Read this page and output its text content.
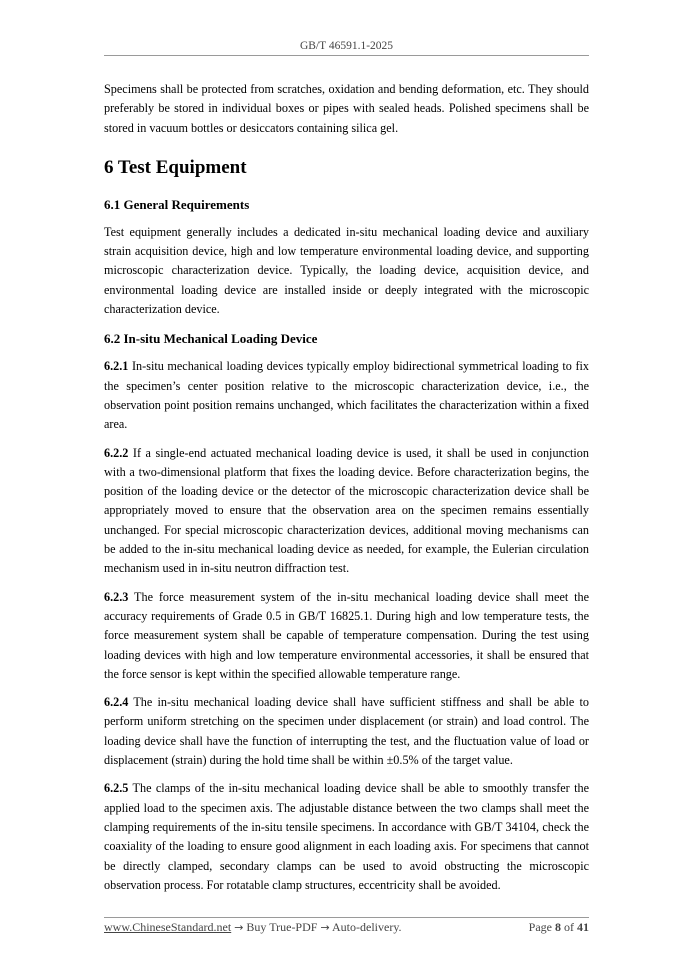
GB/T 46591.1-2025

Specimens shall be protected from scratches, oxidation and bending deformation, etc. They should preferably be stored in individual boxes or pipes with sealed heads. Polished specimens shall be stored in vacuum bottles or desiccators containing silica gel.

6 Test Equipment
6.1 General Requirements

Test equipment generally includes a dedicated in-situ mechanical loading device and auxiliary strain acquisition device, high and low temperature environmental loading device, and supporting microscopic characterization device. Typically, the loading device, acquisition device, and environmental loading device are installed inside or deeply integrated with the microscopic characterization device.

6.2 In-situ Mechanical Loading Device

6.2.1 In-situ mechanical loading devices typically employ bidirectional symmetrical loading to fix the specimen’s center position relative to the microscopic characterization device, i.e., the observation point position remains unchanged, which facilitates the characterization within a fixed area.

6.2.2 If a single-end actuated mechanical loading device is used, it shall be used in conjunction with a two-dimensional platform that fixes the loading device. Before characterization begins, the position of the loading device or the detector of the microscopic characterization device shall be appropriately moved to ensure that the observation area on the specimen remains essentially unchanged. For special microscopic characterization devices, additional moving mechanisms can be added to the in-situ mechanical loading device as needed, for example, the Eulerian circulation mechanism used in in-situ neutron diffraction test.

6.2.3 The force measurement system of the in-situ mechanical loading device shall meet the accuracy requirements of Grade 0.5 in GB/T 16825.1. During high and low temperature tests, the force measurement system shall be capable of temperature compensation. During the test using loading devices with high and low temperature environmental accessories, it shall be ensured that the force sensor is kept within the specified allowable temperature range.

6.2.4 The in-situ mechanical loading device shall have sufficient stiffness and shall be able to perform uniform stretching on the specimen under displacement (or strain) and load control. The loading device shall have the function of interrupting the test, and the fluctuation value of load or displacement (strain) during the hold time shall be within ±0.5% of the target value.

6.2.5 The clamps of the in-situ mechanical loading device shall be able to smoothly transfer the applied load to the specimen axis. The adjustable distance between the two clamps shall meet the clamping requirements of the in-situ tensile specimens. In accordance with GB/T 34104, check the coaxiality of the loading to ensure good alignment in each loading axis. For specimens that cannot be directly clamped, secondary clamps can be used to avoid obstructing the microscopic observation process. For rotatable clamp structures, eccentricity shall be avoided.

www.ChineseStandard.net → Buy True-PDF → Auto-delivery.	Page 8 of 41
